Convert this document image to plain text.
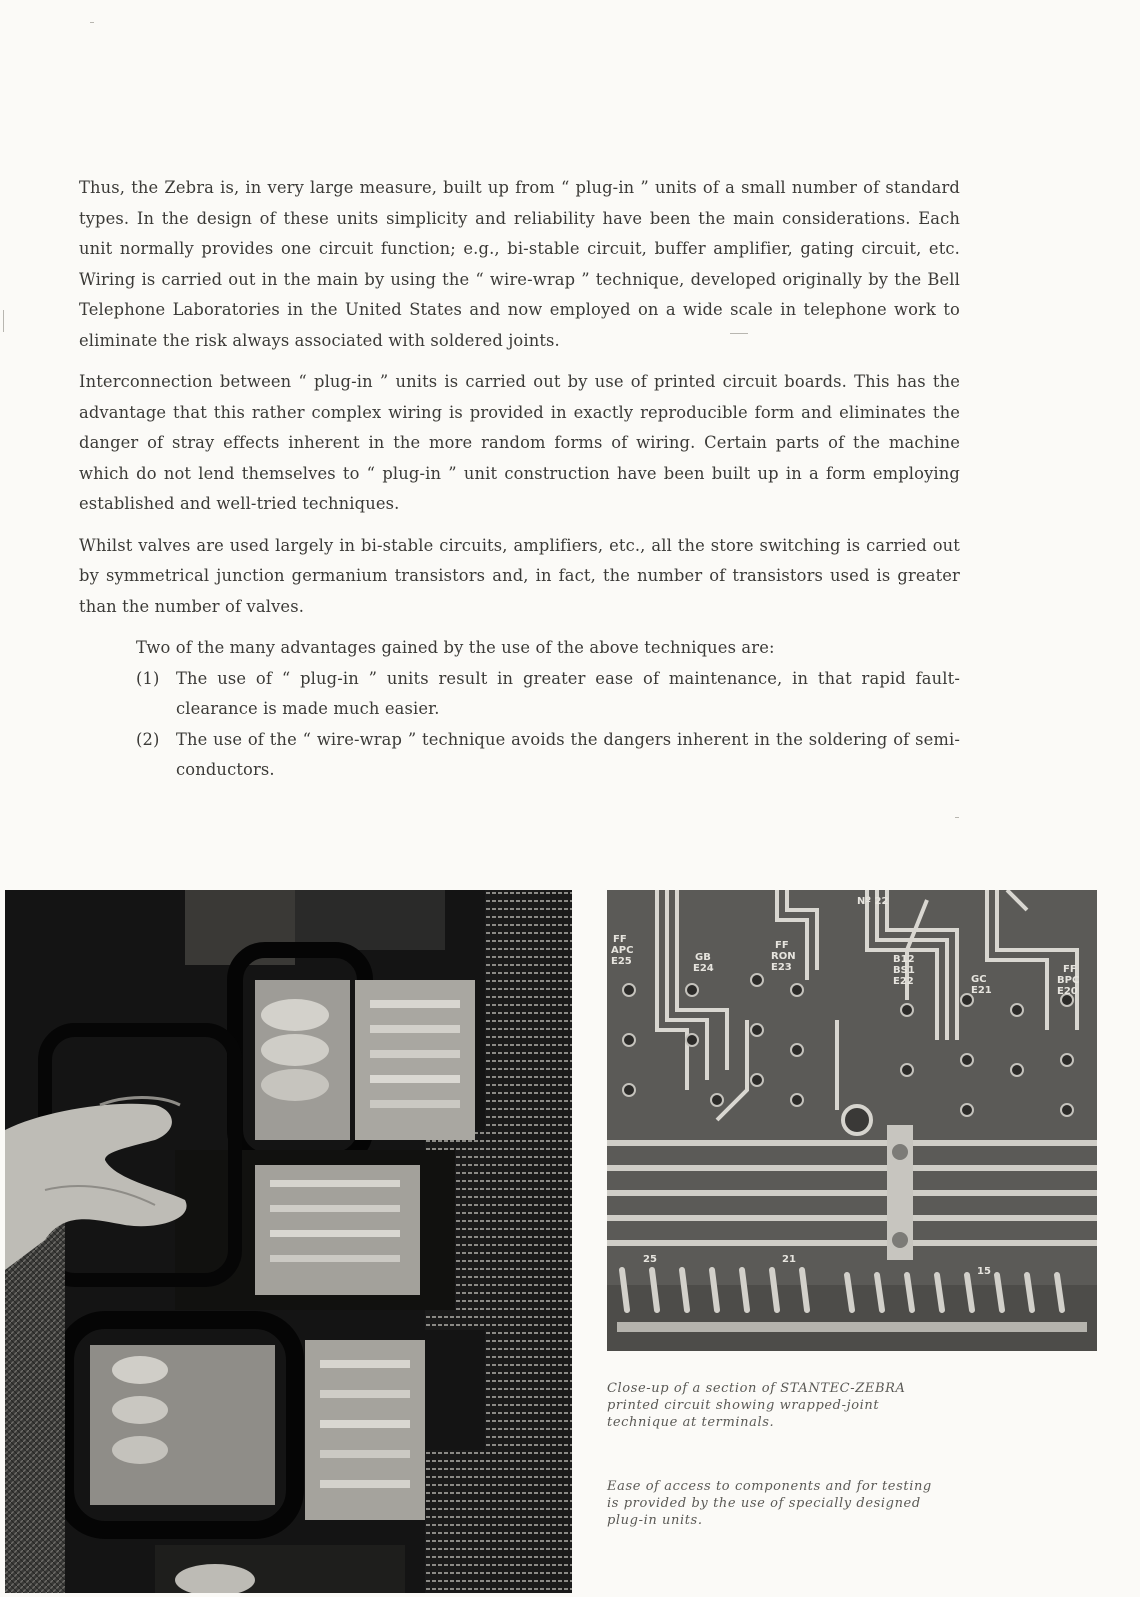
Thus, the Zebra is, in very large measure, built up from “ plug-in ” units of a small number of standard types. In the design of these units simplicity and reliability have been the main considerations. Each unit normally provides one circuit function; e.g., bi-stable circuit, buffer amplifier, gating circuit, etc. Wiring is carried out in the main by using the “ wire-wrap ” technique, developed originally by the Bell Telephone Laboratories in the United States and now employed on a wide scale in telephone work to eliminate the risk always associated with soldered joints.

Interconnection between “ plug-in ” units is carried out by use of printed circuit boards. This has the advantage that this rather complex wiring is provided in exactly reproducible form and eliminates the danger of stray effects inherent in the more random forms of wiring. Certain parts of the machine which do not lend themselves to “ plug-in ” unit construction have been built up in a form employing established and well-tried techniques.

Whilst valves are used largely in bi-stable circuits, amplifiers, etc., all the store switching is carried out by symmetrical junction germanium transistors and, in fact, the number of transistors used is greater than the number of valves.

Two of the many advantages gained by the use of the above techniques are:

(1)	The use of “ plug-in ” units result in greater ease of maintenance, in that rapid fault-clearance is made much easier.
(2)	The use of the “ wire-wrap ” technique avoids the dangers inherent in the soldering of semi-conductors.
FF
APC
E25	GB
E24
FF
RON
E23
B12
BS1
E22	GC
E21
FF
BPC
E20
Nº 22
25	21
15
Close-up of a section of STANTEC-ZEBRA printed circuit showing wrapped-joint technique at terminals.
Ease of access to components and for testing is provided by the use of specially designed plug-in units.
